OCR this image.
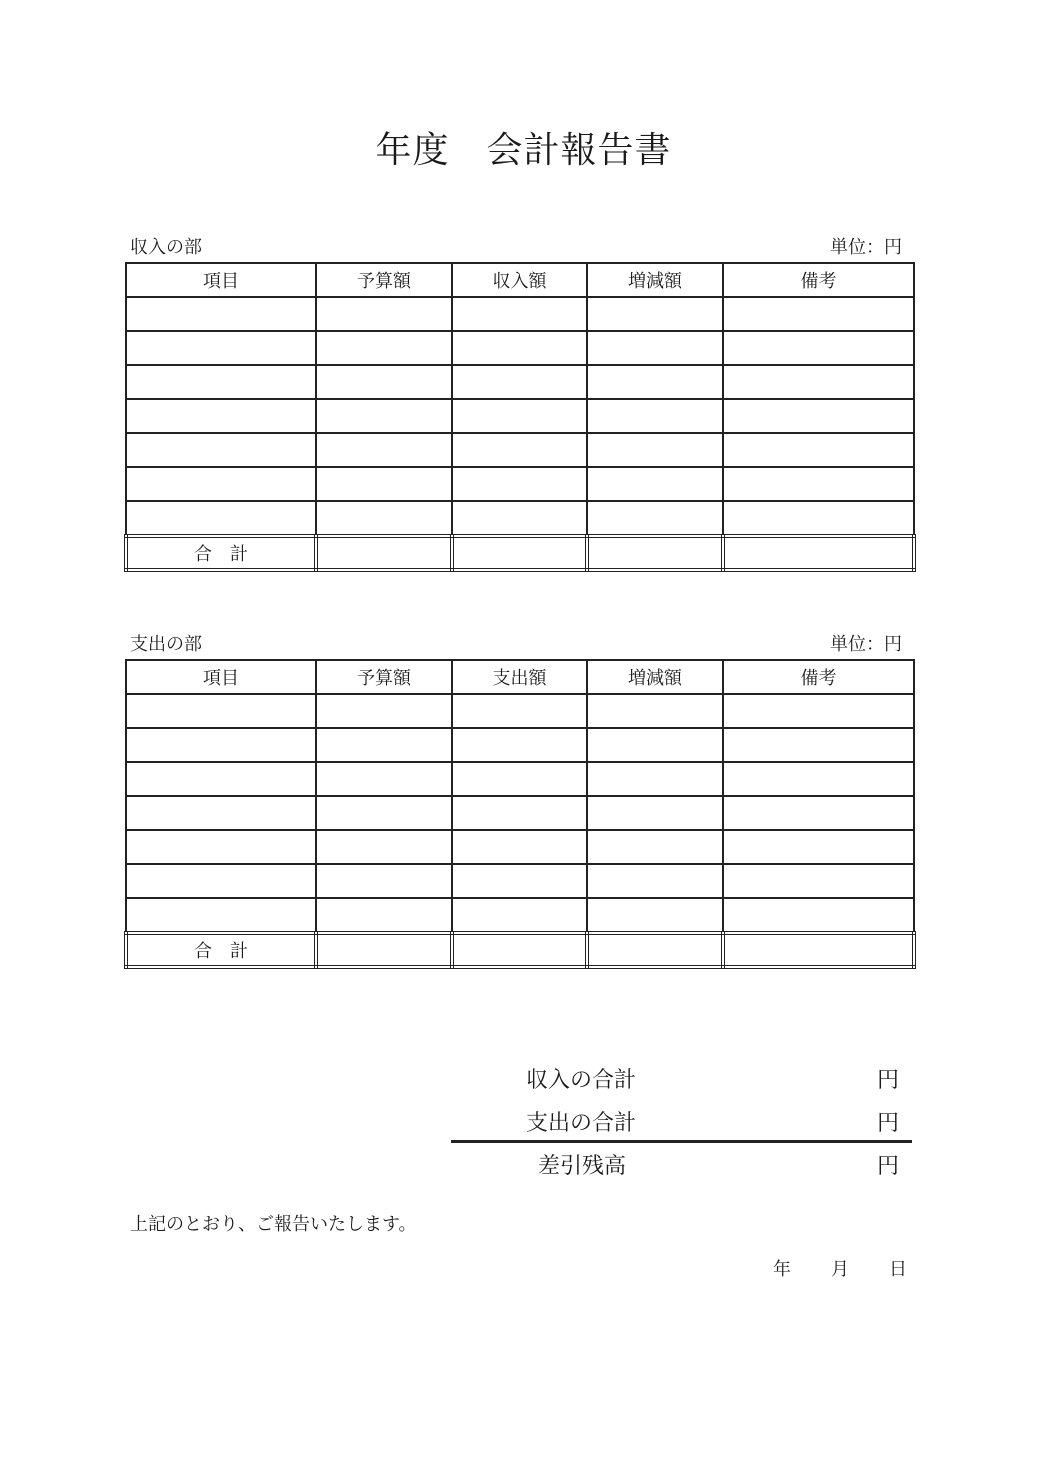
年度　会計報告書
収入の部	単位：円
項目	予算額	収入額	増減額	備考

合　計				
支出の部	単位：円
項目	予算額	支出額	増減額	備考

合　計				
収入の合計	円
支出の合計	円
差引残高	円
上記のとおり、ご報告いたします。
年 月 日
